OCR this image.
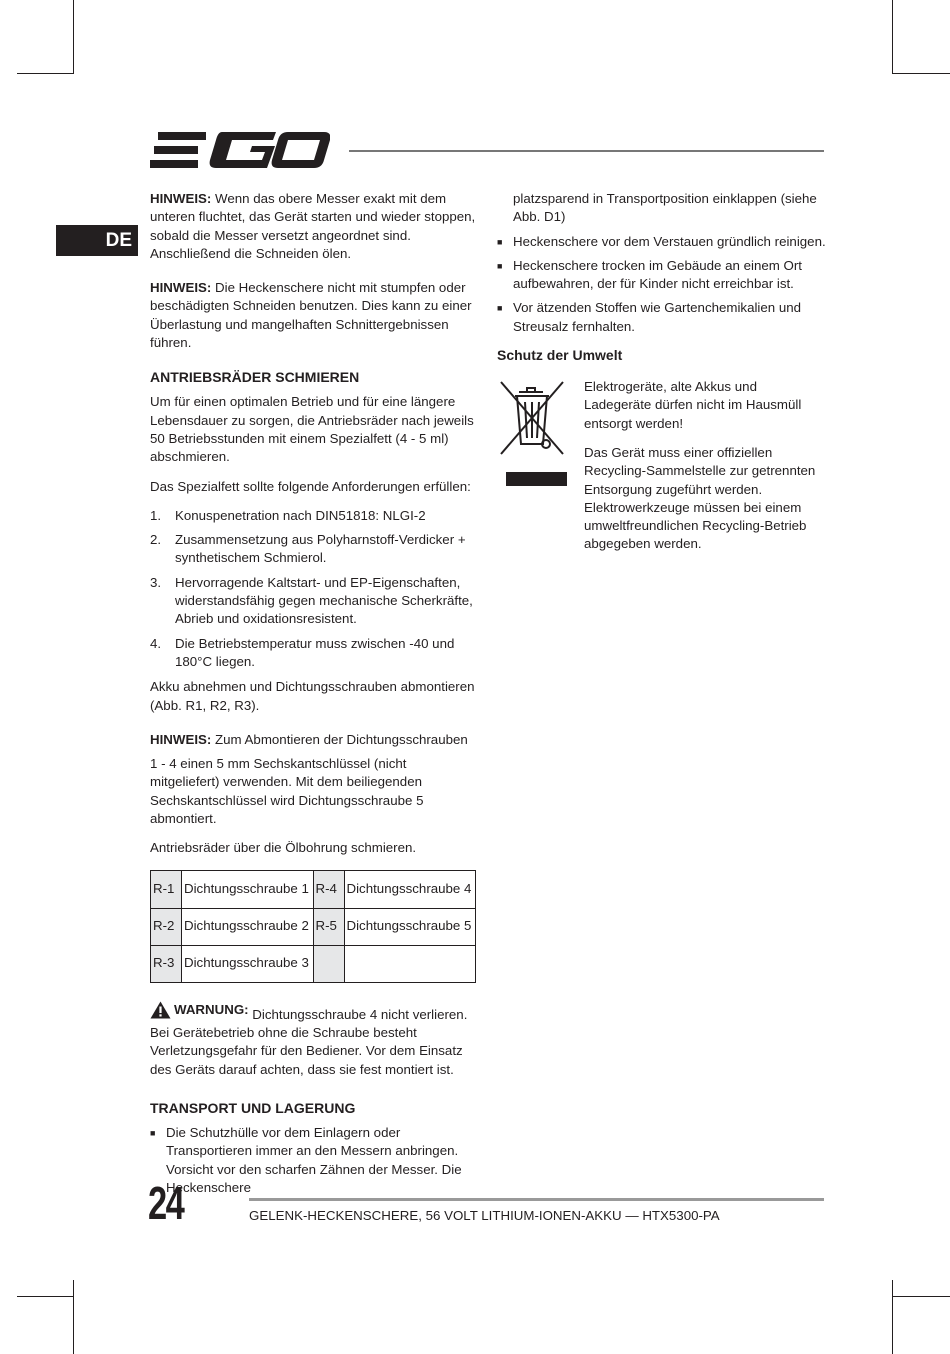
DE

HINWEIS: Wenn das obere Messer exakt mit dem unteren fluchtet, das Gerät starten und wieder stoppen, sobald die Messer versetzt angeordnet sind. Anschließend die Schneiden ölen.

HINWEIS: Die Heckenschere nicht mit stumpfen oder beschädigten Schneiden benutzen. Dies kann zu einer Überlastung und mangelhaften Schnittergebnissen führen.

ANTRIEBSRÄDER SCHMIEREN

Um für einen optimalen Betrieb und für eine längere Lebensdauer zu sorgen, die Antriebsräder nach jeweils 50 Betriebsstunden mit einem Spezialfett (4 - 5 ml) abschmieren.

Das Spezialfett sollte folgende Anforderungen erfüllen:

1.	Konuspenetration nach DIN51818: NLGI-2
2.	Zusammensetzung aus Polyharnstoff-Verdicker + synthetischem Schmierol.
3.	Hervorragende Kaltstart- und EP-Eigenschaften, widerstandsfähig gegen mechanische Scherkräfte, Abrieb und oxidationsresistent.
4.	Die Betriebstemperatur muss zwischen -40 und 180°C liegen.

Akku abnehmen und Dichtungsschrauben abmontieren (Abb. R1, R2, R3).

HINWEIS: Zum Abmontieren der Dichtungsschrauben

1 - 4 einen 5 mm Sechskantschlüssel (nicht mitgeliefert) verwenden. Mit dem beiliegenden Sechskantschlüssel wird Dichtungsschraube 5 abmontiert.

Antriebsräder über die Ölbohrung schmieren.

R-1	Dichtungsschraube 1	R-4	Dichtungsschraube 4
R-2	Dichtungsschraube 2	R-5	Dichtungsschraube 5
R-3	Dichtungsschraube 3		

WARNUNG: Dichtungsschraube 4 nicht verlieren. Bei Gerätebetrieb ohne die Schraube besteht Verletzungsgefahr für den Bediener. Vor dem Einsatz des Geräts darauf achten, dass sie fest montiert ist.

TRANSPORT UND LAGERUNG
■ Die Schutzhülle vor dem Einlagern oder Transportieren immer an den Messern anbringen. Vorsicht vor den scharfen Zähnen der Messer. Die Heckenschere
platzsparend in Transportposition einklappen (siehe Abb. D1)
■ Heckenschere vor dem Verstauen gründlich reinigen.
■ Heckenschere trocken im Gebäude an einem Ort aufbewahren, der für Kinder nicht erreichbar ist.
■ Vor ätzenden Stoffen wie Gartenchemikalien und Streusalz fernhalten.
Schutz der Umwelt

Elektrogeräte, alte Akkus und Ladegeräte dürfen nicht im Hausmüll entsorgt werden!

Das Gerät muss einer offiziellen Recycling-Sammelstelle zur getrennten Entsorgung zugeführt werden. Elektrowerkzeuge müssen bei einem umweltfreundlichen Recycling-Betrieb abgegeben werden.

24	GELENK-HECKENSCHERE, 56 VOLT LITHIUM-IONEN-AKKU — HTX5300-PA
